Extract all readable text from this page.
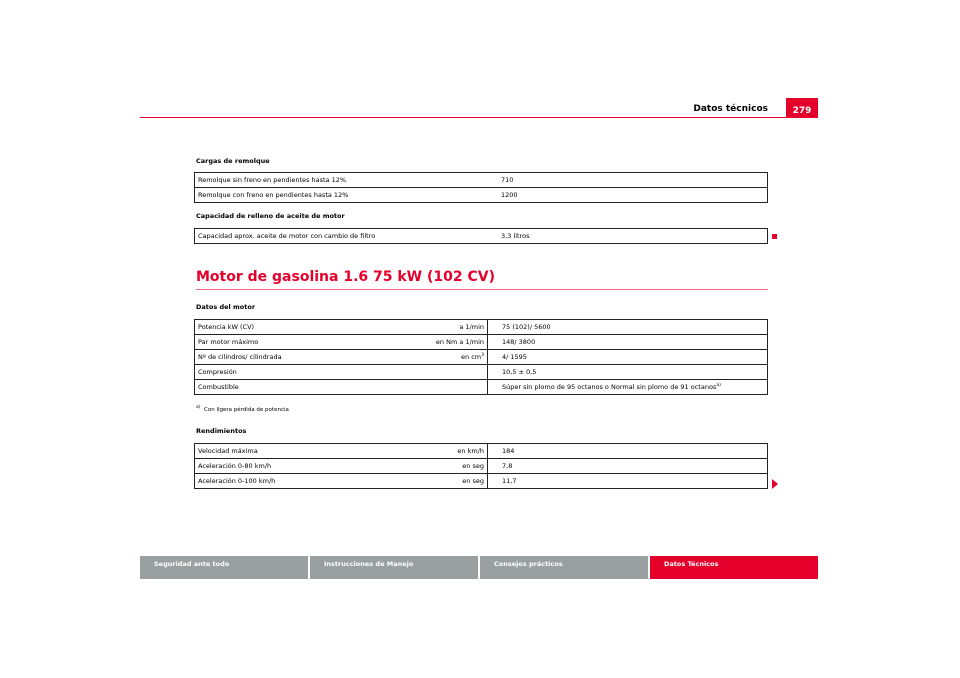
Datos técnicos	279
Cargas de remolque
Remolque sin freno en pendientes hasta 12%		710
Remolque con freno en pendientes hasta 12%		1200
Capacidad de relleno de aceite de motor
Capacidad aprox. aceite de motor con cambio de filtro		3,3 litros
Motor de gasolina 1.6 75 kW (102 CV)
Datos del motor
Potencia kW (CV)	a 1/min	75 (102)/ 5600
Par motor máximo	en Nm a 1/min	148/ 3800
Nº de cilindros/ cilindrada	en $cm^3$	4/ 1595
Compresión		10,5 ± 0,5
Combustible		Súper sin plomo de 95 octanos o Normal sin plomo de 91 octanos$^{a)}$
$^{a)}$ Con ligera pérdida de potencia
Rendimientos
Velocidad máxima	en km/h	184
Aceleración 0-80 km/h	en seg	7,8
Aceleración 0-100 km/h	en seg	11,7
Seguridad ante todo	Instrucciones de Manejo	Consejos prácticos	Datos Técnicos
